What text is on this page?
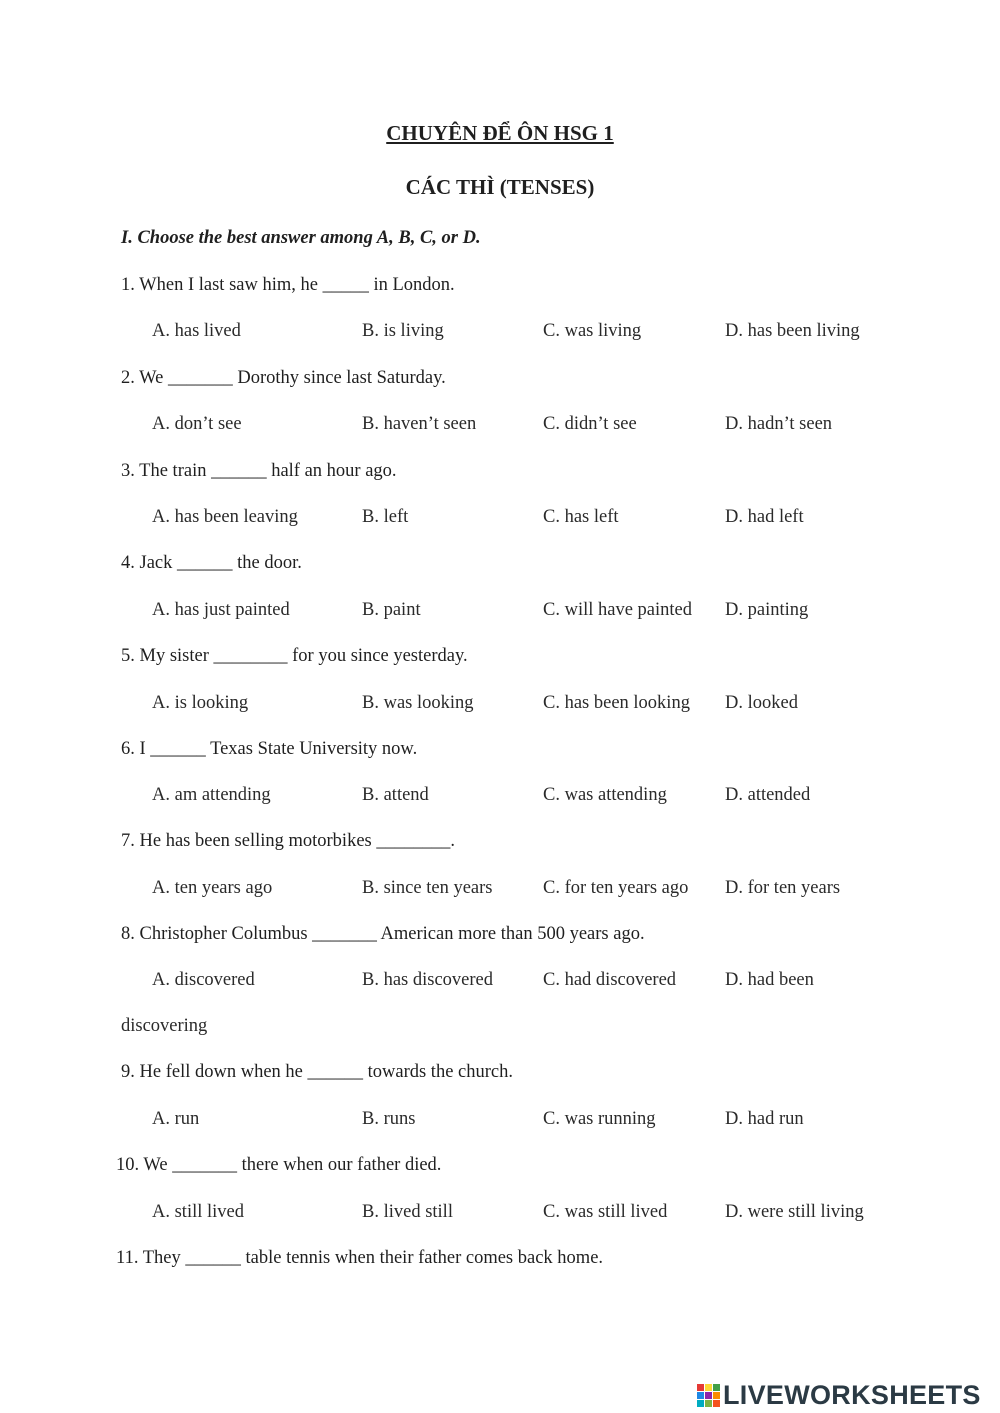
CHUYÊN ĐỂ ÔN HSG 1
CÁC THÌ (TENSES)

I. Choose the best answer among A, B, C, or D.

1. When I last saw him, he _____ in London.

A. has lived	B. is living	C. was living	D. has been living

2. We _______ Dorothy since last Saturday.

A. don’t see	B. haven’t seen	C. didn’t see	D. hadn’t seen

3. The train ______ half an hour ago.

A. has been leaving	B. left	C. has left	D. had left

4. Jack ______ the door.

A. has just painted	B. paint	C. will have painted D. painting

5. My sister ________ for you since yesterday.

A. is looking	B. was looking	C. has been looking D. looked

6. I ______ Texas State University now.

A. am attending	B. attend	C. was attending	D. attended

7. He has been selling motorbikes ________.

A. ten years ago	B. since ten years	C. for ten years ago D. for ten years

8. Christopher Columbus _______ American more than 500 years ago.

A. discovered	B. has discovered	C. had discovered	D. had been
discovering

9. He fell down when he ______ towards the church.

A. run	B. runs	C. was running	D. had run

10. We _______ there when our father died.

A. still lived	B. lived still	C. was still lived	D. were still living

11. They ______ table tennis when their father comes back home.

LIVEWORKSHEETS
